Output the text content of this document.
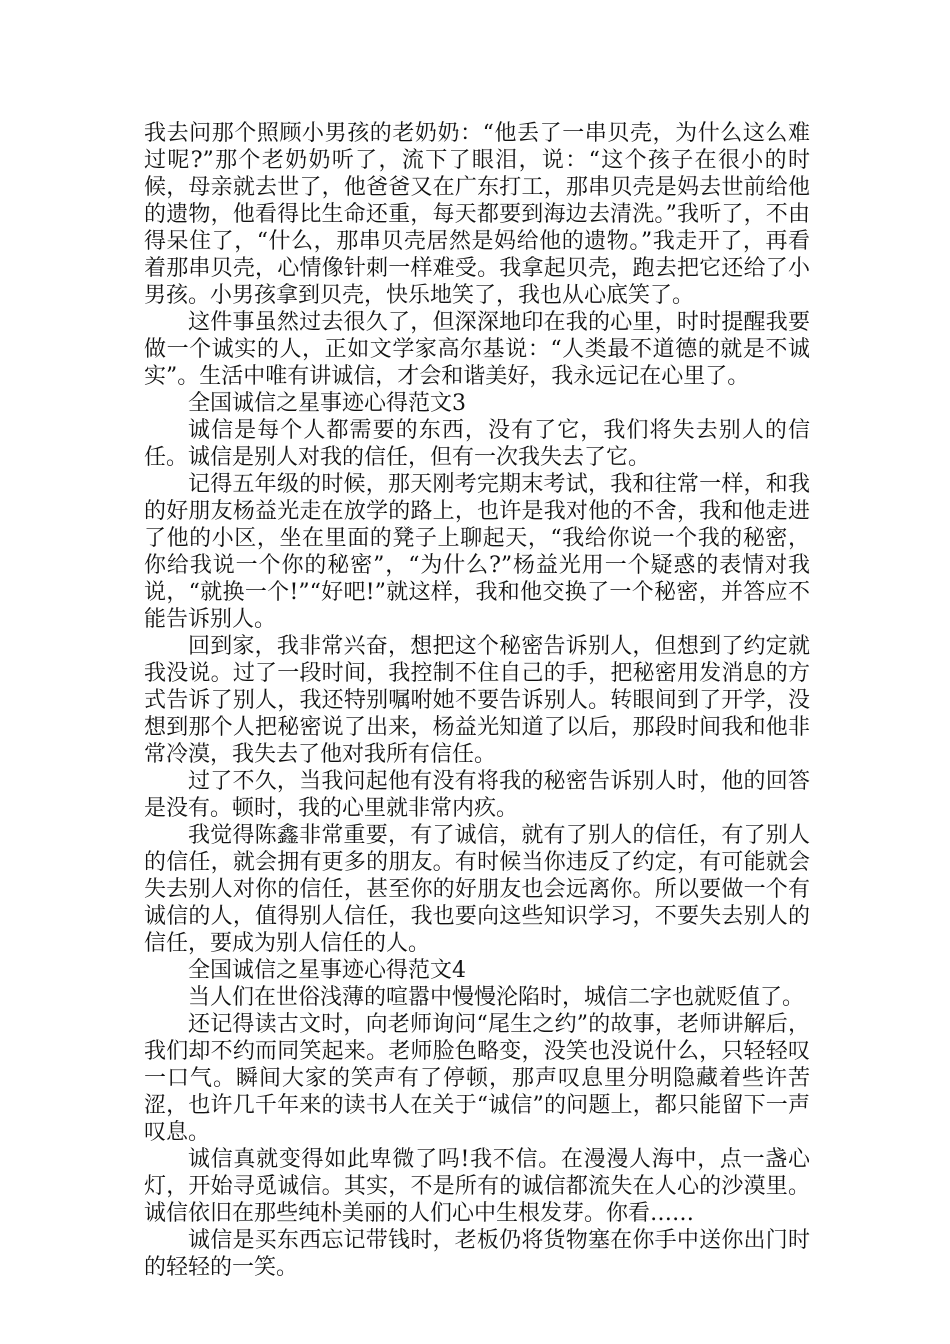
我去问那个照顾小男孩的老奶奶：“他丢了一串贝壳，为什么这么难过呢?”那个老奶奶听了，流下了眼泪，说：“这个孩子在很小的时候，母亲就去世了，他爸爸又在广东打工，那串贝壳是妈去世前给他的遗物，他看得比生命还重，每天都要到海边去清洗。”我听了，不由得呆住了，“什么，那串贝壳居然是妈给他的遗物。”我走开了，再看着那串贝壳，心情像针刺一样难受。我拿起贝壳，跑去把它还给了小男孩。小男孩拿到贝壳，快乐地笑了，我也从心底笑了。

这件事虽然过去很久了，但深深地印在我的心里，时时提醒我要做一个诚实的人，正如文学家高尔基说：“人类最不道德的就是不诚实”。生活中唯有讲诚信，才会和谐美好，我永远记在心里了。

全国诚信之星事迹心得范文3

诚信是每个人都需要的东西，没有了它，我们将失去别人的信任。诚信是别人对我的信任，但有一次我失去了它。

记得五年级的时候，那天刚考完期末考试，我和往常一样，和我的好朋友杨益光走在放学的路上，也许是我对他的不舍，我和他走进了他的小区，坐在里面的凳子上聊起天，“我给你说一个我的秘密，你给我说一个你的秘密”，“为什么?”杨益光用一个疑惑的表情对我说，“就换一个!”“好吧!”就这样，我和他交换了一个秘密，并答应不能告诉别人。

回到家，我非常兴奋，想把这个秘密告诉别人，但想到了约定就我没说。过了一段时间，我控制不住自己的手，把秘密用发消息的方式告诉了别人，我还特别嘱咐她不要告诉别人。转眼间到了开学，没想到那个人把秘密说了出来，杨益光知道了以后，那段时间我和他非常冷漠，我失去了他对我所有信任。

过了不久，当我问起他有没有将我的秘密告诉别人时，他的回答是没有。顿时，我的心里就非常内疚。

我觉得陈鑫非常重要，有了诚信，就有了别人的信任，有了别人的信任，就会拥有更多的朋友。有时候当你违反了约定，有可能就会失去别人对你的信任，甚至你的好朋友也会远离你。所以要做一个有诚信的人，值得别人信任，我也要向这些知识学习，不要失去别人的信任，要成为别人信任的人。

全国诚信之星事迹心得范文4

当人们在世俗浅薄的喧嚣中慢慢沦陷时，城信二字也就贬值了。

还记得读古文时，向老师询问“尾生之约”的故事，老师讲解后，我们却不约而同笑起来。老师脸色略变，没笑也没说什么，只轻轻叹一口气。瞬间大家的笑声有了停顿，那声叹息里分明隐藏着些许苦涩，也许几千年来的读书人在关于“诚信”的问题上，都只能留下一声叹息。

诚信真就变得如此卑微了吗!我不信。在漫漫人海中，点一盏心灯，开始寻觅诚信。其实，不是所有的诚信都流失在人心的沙漠里。诚信依旧在那些纯朴美丽的人们心中生根发芽。你看……

诚信是买东西忘记带钱时，老板仍将货物塞在你手中送你出门时的轻轻的一笑。
